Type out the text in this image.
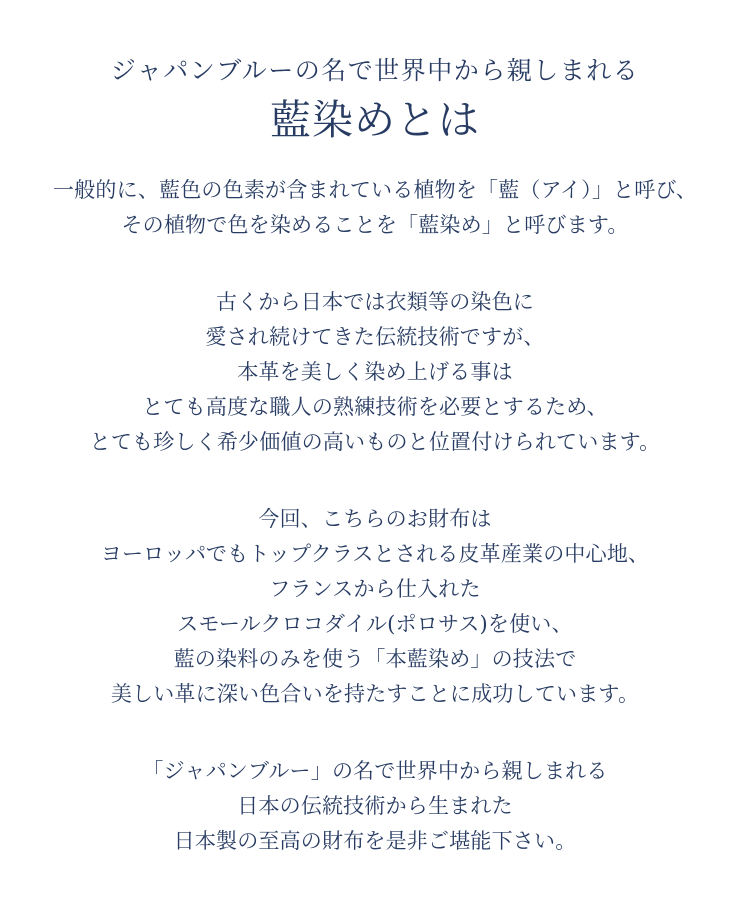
ジャパンブルーの名で世界中から親しまれる
藍染めとは

一般的に、藍色の色素が含まれている植物を「藍（アイ）」と呼び、
その植物で色を染めることを「藍染め」と呼びます。

古くから日本では衣類等の染色に
愛され続けてきた伝統技術ですが、
本革を美しく染め上げる事は
とても高度な職人の熟練技術を必要とするため、
とても珍しく希少価値の高いものと位置付けられています。

今回、こちらのお財布は
ヨーロッパでもトップクラスとされる皮革産業の中心地、
フランスから仕入れた
スモールクロコダイル(ポロサス)を使い、
藍の染料のみを使う「本藍染め」の技法で
美しい革に深い色合いを持たすことに成功しています。

「ジャパンブルー」の名で世界中から親しまれる
日本の伝統技術から生まれた
日本製の至高の財布を是非ご堪能下さい。
